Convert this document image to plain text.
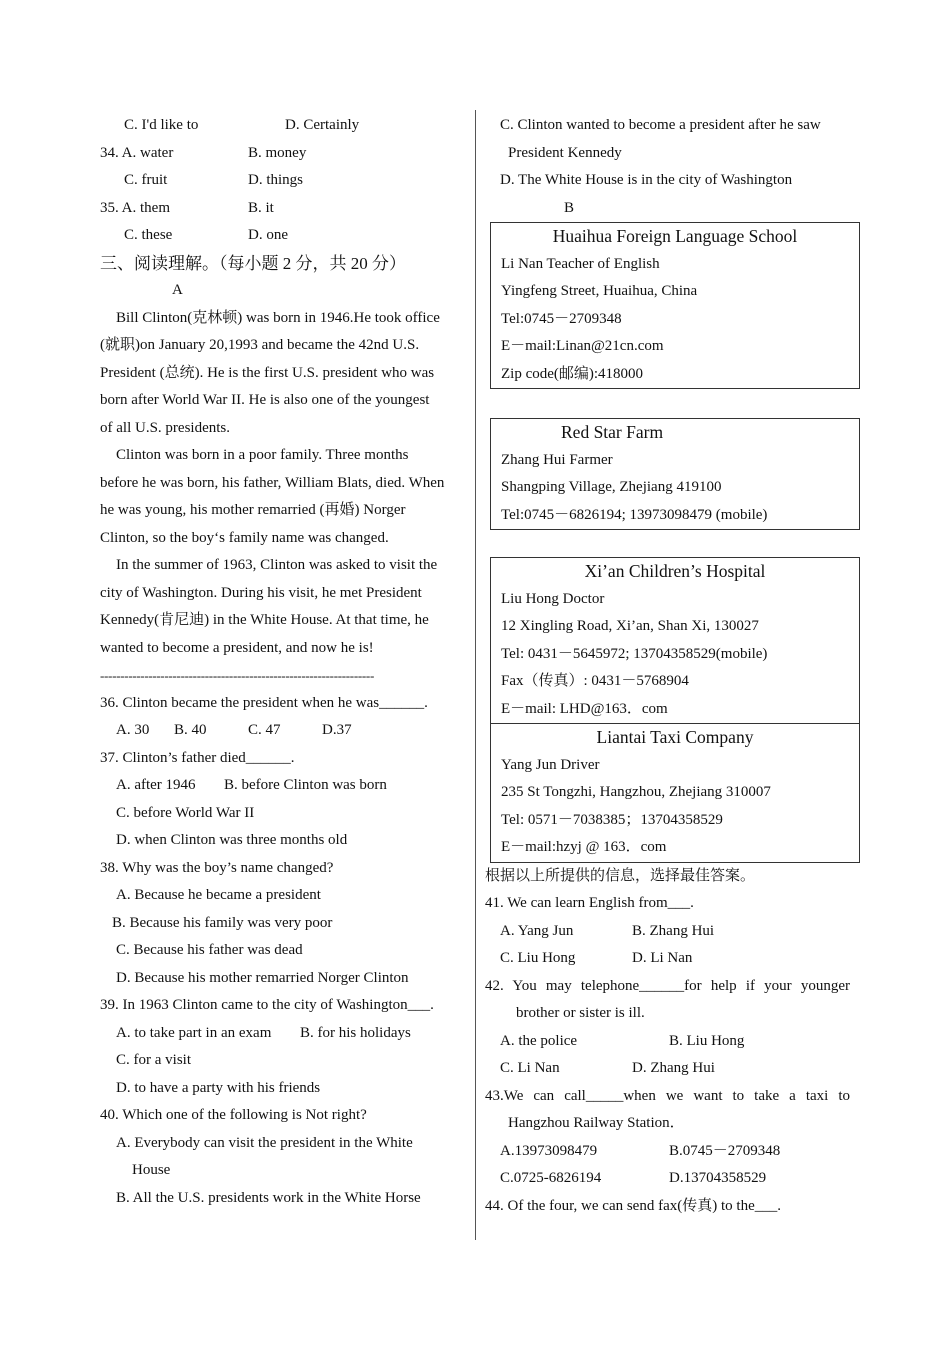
C. I'd like to	D. Certainly
34. A. water	B. money
C. fruit	D. things
35. A. them	B. it
C. these	D. one
三、阅读理解。（每小题 2 分，共 20 分）
A
Bill Clinton(克林顿) was born in 1946.He took office
(就职)on January 20,1993 and became the 42nd U.S.
President (总统). He is the first U.S. president who was
born after World War II. He is also one of the youngest
of all U.S. presidents.
Clinton was born in a poor family. Three months
before he was born, his father, William Blats, died. When
he was young, his mother remarried (再婚) Norger
Clinton, so the boy‘s family name was changed.
In the summer of 1963, Clinton was asked to visit the
city of Washington. During his visit, he met President
Kennedy(肯尼迪) in the White House. At that time, he
wanted to become a president, and now he is!
--------------------------------------------------------------------
36. Clinton became the president when he was______.
A. 30 B. 40	C. 47	D.37
37. Clinton’s father died______.
A. after 1946 B. before Clinton was born
C. before World War II
D. when Clinton was three months old
38. Why was the boy’s name changed?
A. Because he became a president
B. Because his family was very poor
C. Because his father was dead
D. Because his mother remarried Norger Clinton
39. In 1963 Clinton came to the city of Washington___.
A. to take part in an exam B. for his holidays
C. for a visit
D. to have a party with his friends
40. Which one of the following is Not right?
A. Everybody can visit the president in the White
House
B. All the U.S. presidents work in the White Horse
C. Clinton wanted to become a president after he saw
President Kennedy
D. The White House is in the city of Washington
B
Huaihua Foreign Language School
Li Nan Teacher of English
Yingfeng Street, Huaihua, China
Tel:0745－2709348
E－mail:Linan@21cn.com
Zip code(邮编):418000
Red Star Farm
Zhang Hui Farmer
Shangping Village, Zhejiang 419100
Tel:0745－6826194; 13973098479 (mobile)
Xi’an Children’s Hospital
Liu Hong Doctor
12 Xingling Road, Xi’an, Shan Xi, 130027
Tel: 0431－5645972; 13704358529(mobile)
Fax（传真）: 0431－5768904
E－mail: LHD@163．com
Liantai Taxi Company
Yang Jun Driver
235 St Tongzhi, Hangzhou, Zhejiang 310007
Tel: 0571－7038385；13704358529
E－mail:hzyj @ 163．com
根据以上所提供的信息，选择最佳答案。
41. We can learn English from___.
A. Yang Jun	B. Zhang Hui
C. Liu Hong	D. Li Nan
42. You may telephone______for help if your younger
brother or sister is ill.
A. the police	B. Liu Hong
C. Li Nan	D. Zhang Hui
43.We can call_____when we want to take a taxi to
Hangzhou Railway Station．
A.13973098479	B.0745－2709348
C.0725-6826194	D.13704358529
44. Of the four, we can send fax(传真) to the___.
